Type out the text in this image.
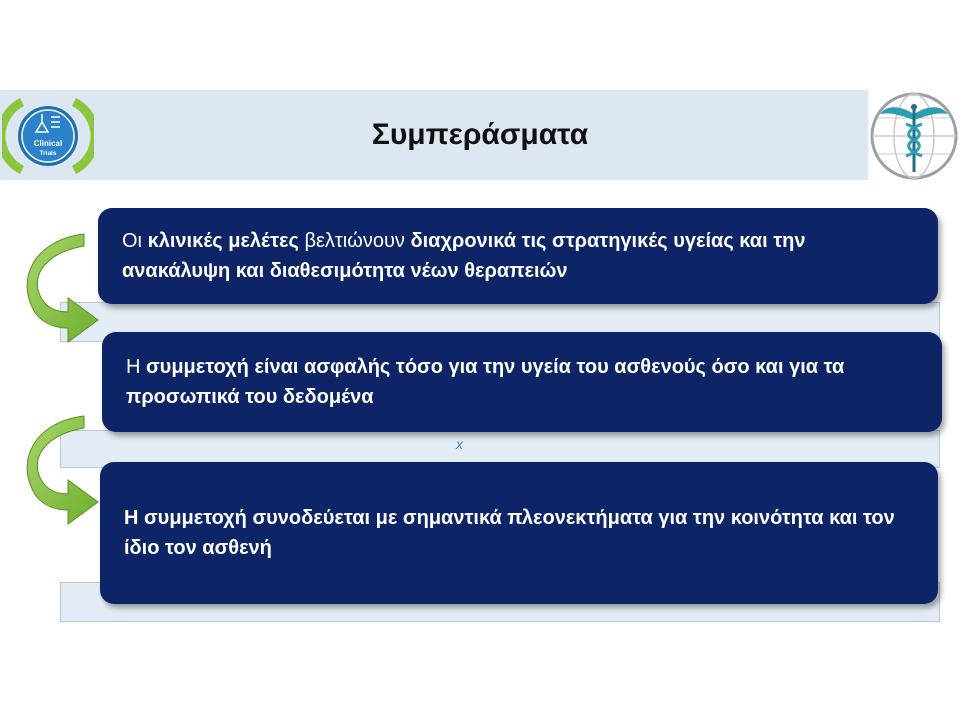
Συμπεράσματα
Clinical
Trials

Οι κλινικές μελέτες βελτιώνουν διαχρονικά τις στρατηγικές υγείας και την ανακάλυψη και διαθεσιμότητα νέων θεραπειών

Η συμμετοχή είναι ασφαλής τόσο για την υγεία του ασθενούς όσο και για τα προσωπικά του δεδομένα

x

Η συμμετοχή συνοδεύεται με σημαντικά πλεονεκτήματα για την κοινότητα και τον ίδιο τον ασθενή
